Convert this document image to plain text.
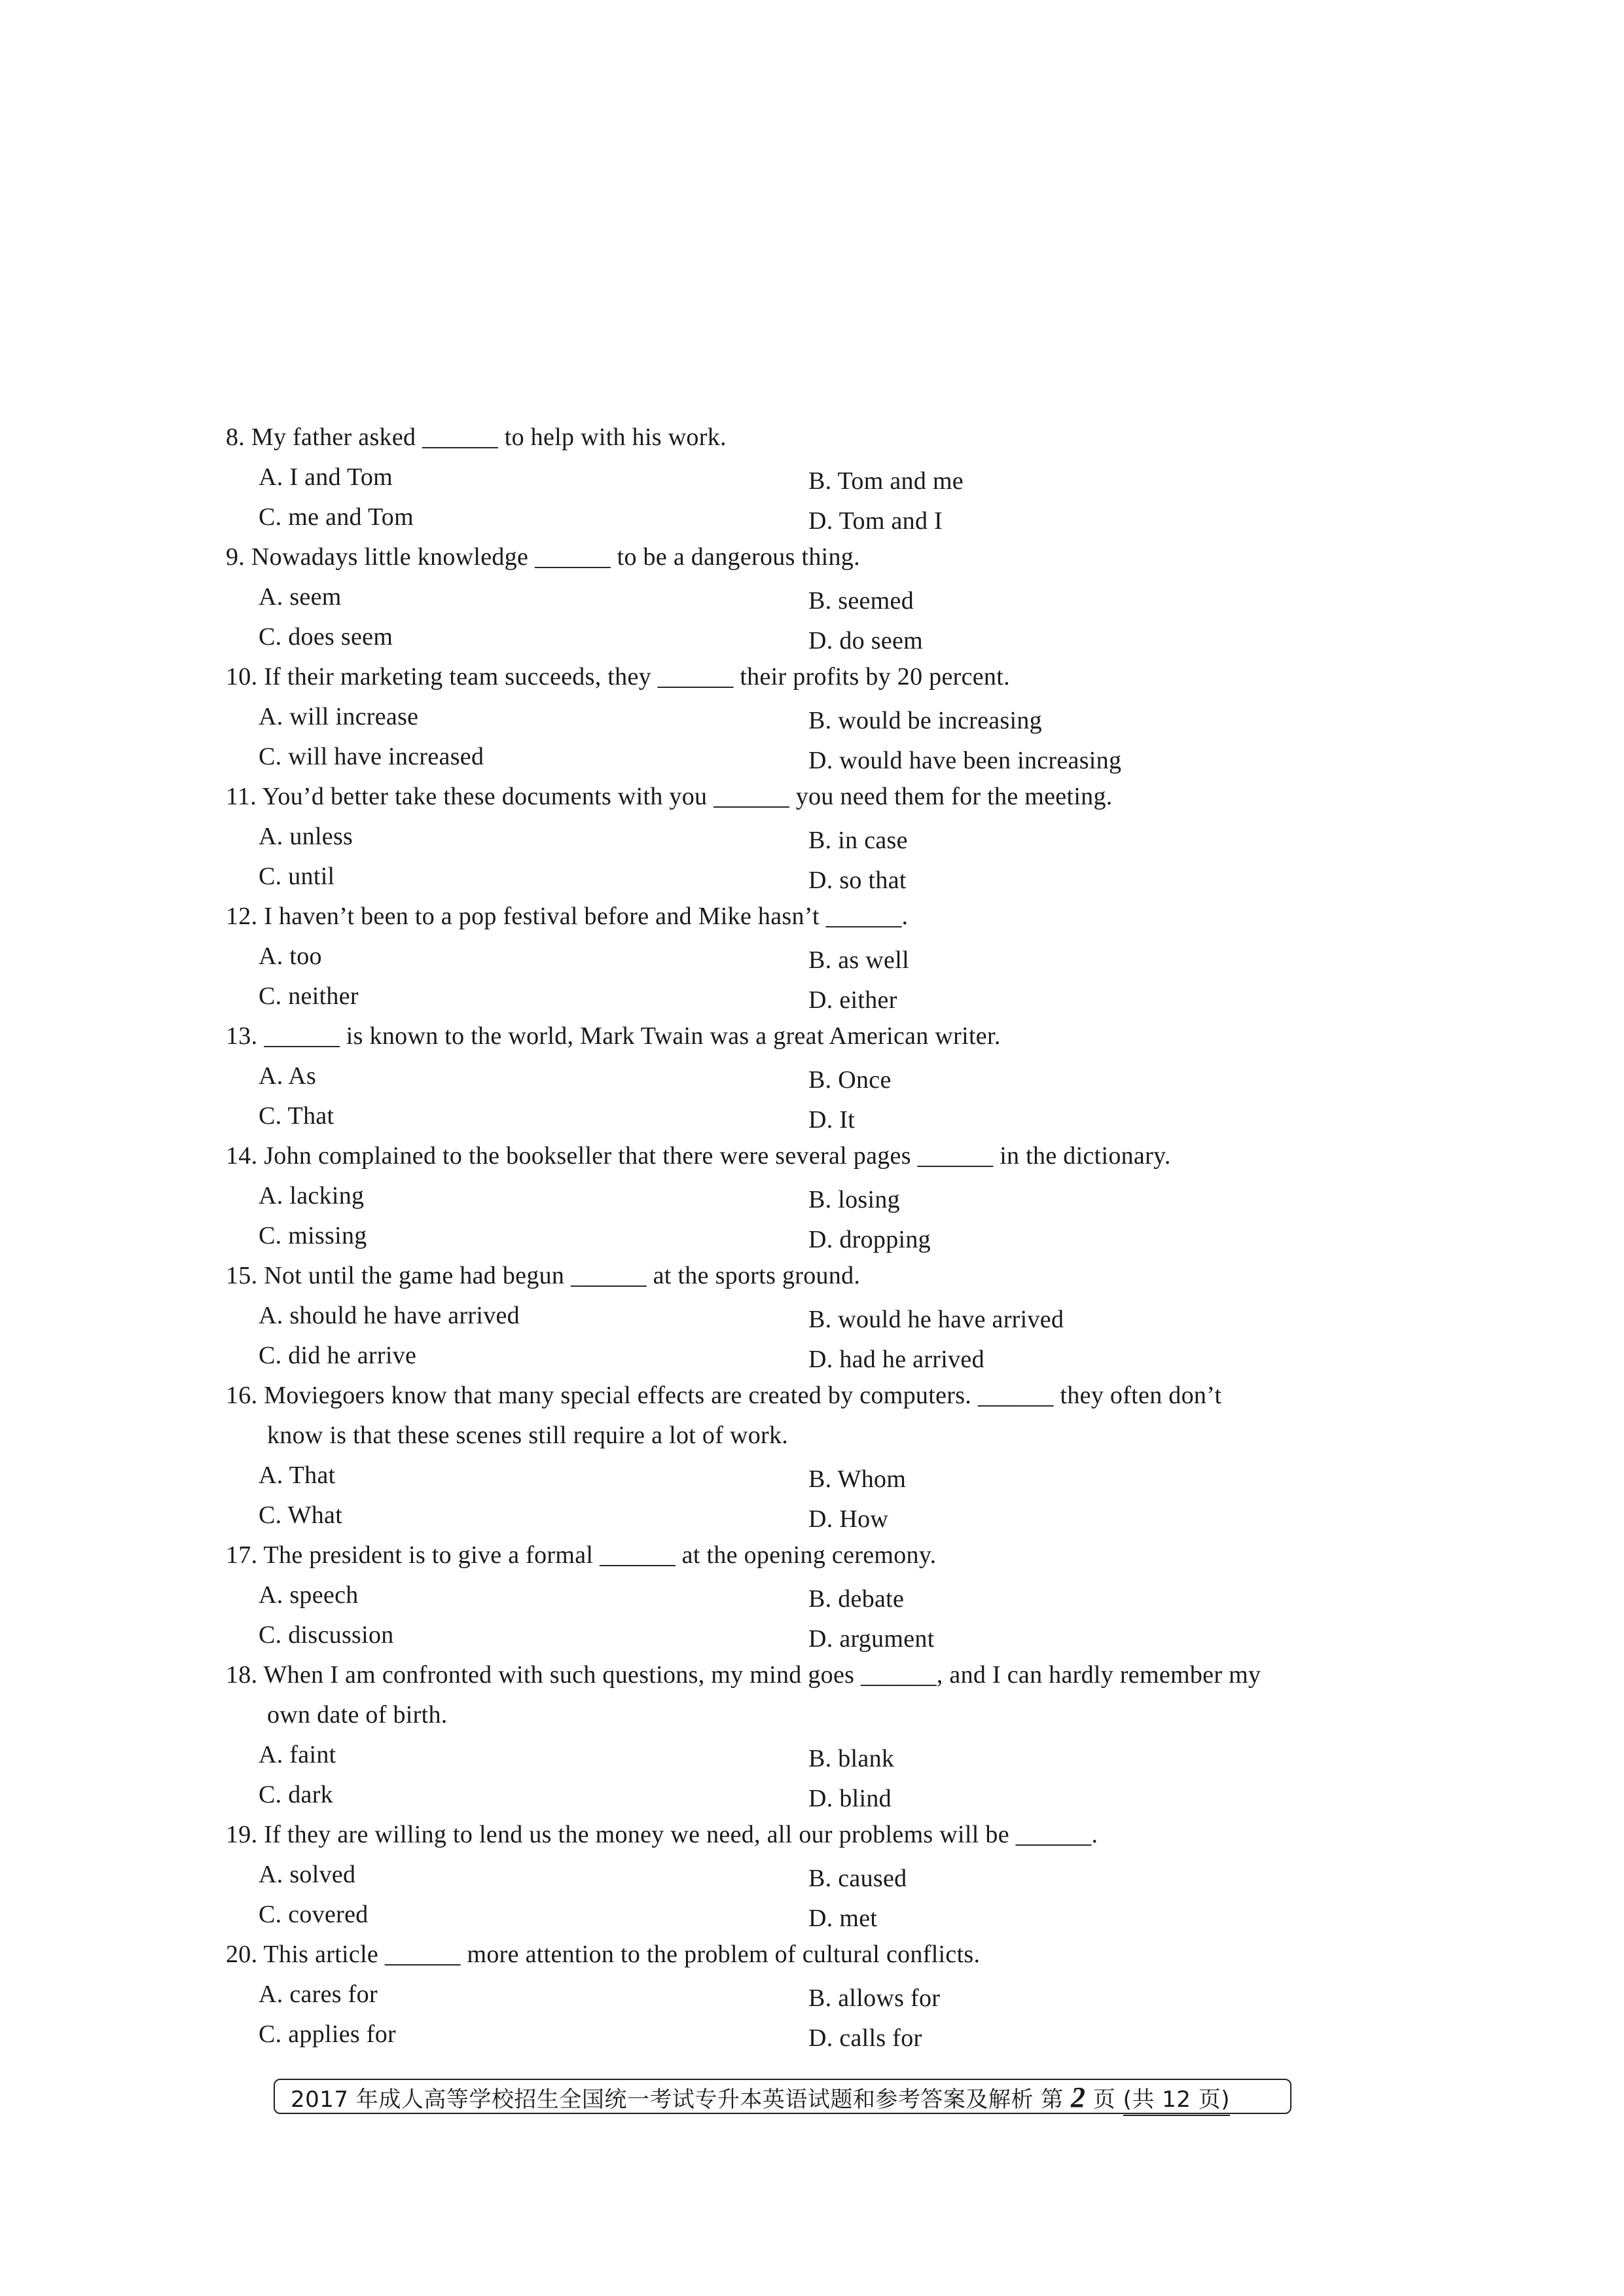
8. My father asked ______ to help with his work.
A. I and Tom	B. Tom and me
C. me and Tom	D. Tom and I
9. Nowadays little knowledge ______ to be a dangerous thing.
A. seem	B. seemed
C. does seem	D. do seem
10. If their marketing team succeeds, they ______ their profits by 20 percent.
A. will increase	B. would be increasing
C. will have increased	D. would have been increasing
11. You’d better take these documents with you ______ you need them for the meeting.
A. unless	B. in case
C. until	D. so that
12. I haven’t been to a pop festival before and Mike hasn’t ______.
A. too	B. as well
C. neither	D. either
13. ______ is known to the world, Mark Twain was a great American writer.
A. As	B. Once
C. That	D. It
14. John complained to the bookseller that there were several pages ______ in the dictionary.
A. lacking	B. losing
C. missing	D. dropping
15. Not until the game had begun ______ at the sports ground.
A. should he have arrived	B. would he have arrived
C. did he arrive	D. had he arrived
16. Moviegoers know that many special effects are created by computers. ______ they often don’t
know is that these scenes still require a lot of work.
A. That	B. Whom
C. What	D. How
17. The president is to give a formal ______ at the opening ceremony.
A. speech	B. debate
C. discussion	D. argument
18. When I am confronted with such questions, my mind goes ______, and I can hardly remember my
own date of birth.
A. faint	B. blank
C. dark	D. blind
19. If they are willing to lend us the money we need, all our problems will be ______.
A. solved	B. caused
C. covered	D. met
20. This article ______ more attention to the problem of cultural conflicts.
A. cares for	B. allows for
C. applies for	D. calls for
2017 年成人高等学校招生全国统一考试专升本英语试题和参考答案及解析 第 2 页 (共 12 页)
